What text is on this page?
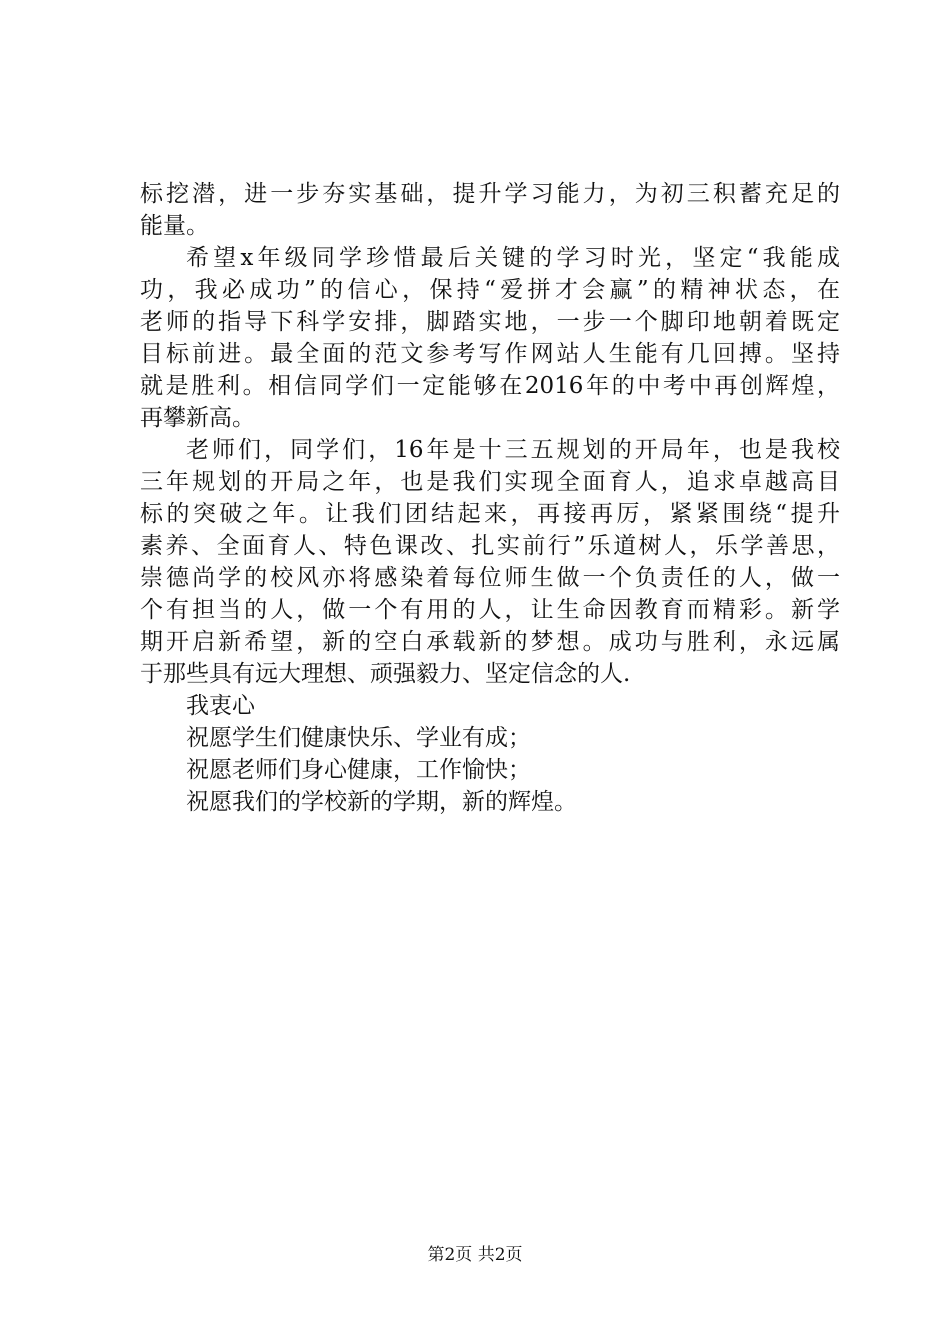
标挖潜，进一步夯实基础，提升学习能力，为初三积蓄充足的
能量。
希望x年级同学珍惜最后关键的学习时光，坚定“我能成
功，我必成功”的信心，保持“爱拼才会赢”的精神状态，在
老师的指导下科学安排，脚踏实地，一步一个脚印地朝着既定
目标前进。最全面的范文参考写作网站人生能有几回搏。坚持
就是胜利。相信同学们一定能够在2016年的中考中再创辉煌，
再攀新高。
老师们，同学们，16年是十三五规划的开局年，也是我校
三年规划的开局之年，也是我们实现全面育人，追求卓越高目
标的突破之年。让我们团结起来，再接再厉，紧紧围绕“提升
素养、全面育人、特色课改、扎实前行”乐道树人，乐学善思，
崇德尚学的校风亦将感染着每位师生做一个负责任的人，做一
个有担当的人，做一个有用的人，让生命因教育而精彩。新学
期开启新希望，新的空白承载新的梦想。成功与胜利，永远属
于那些具有远大理想、顽强毅力、坚定信念的人.
我衷心
祝愿学生们健康快乐、学业有成；
祝愿老师们身心健康，工作愉快；
祝愿我们的学校新的学期，新的辉煌。
第2页 共2页
